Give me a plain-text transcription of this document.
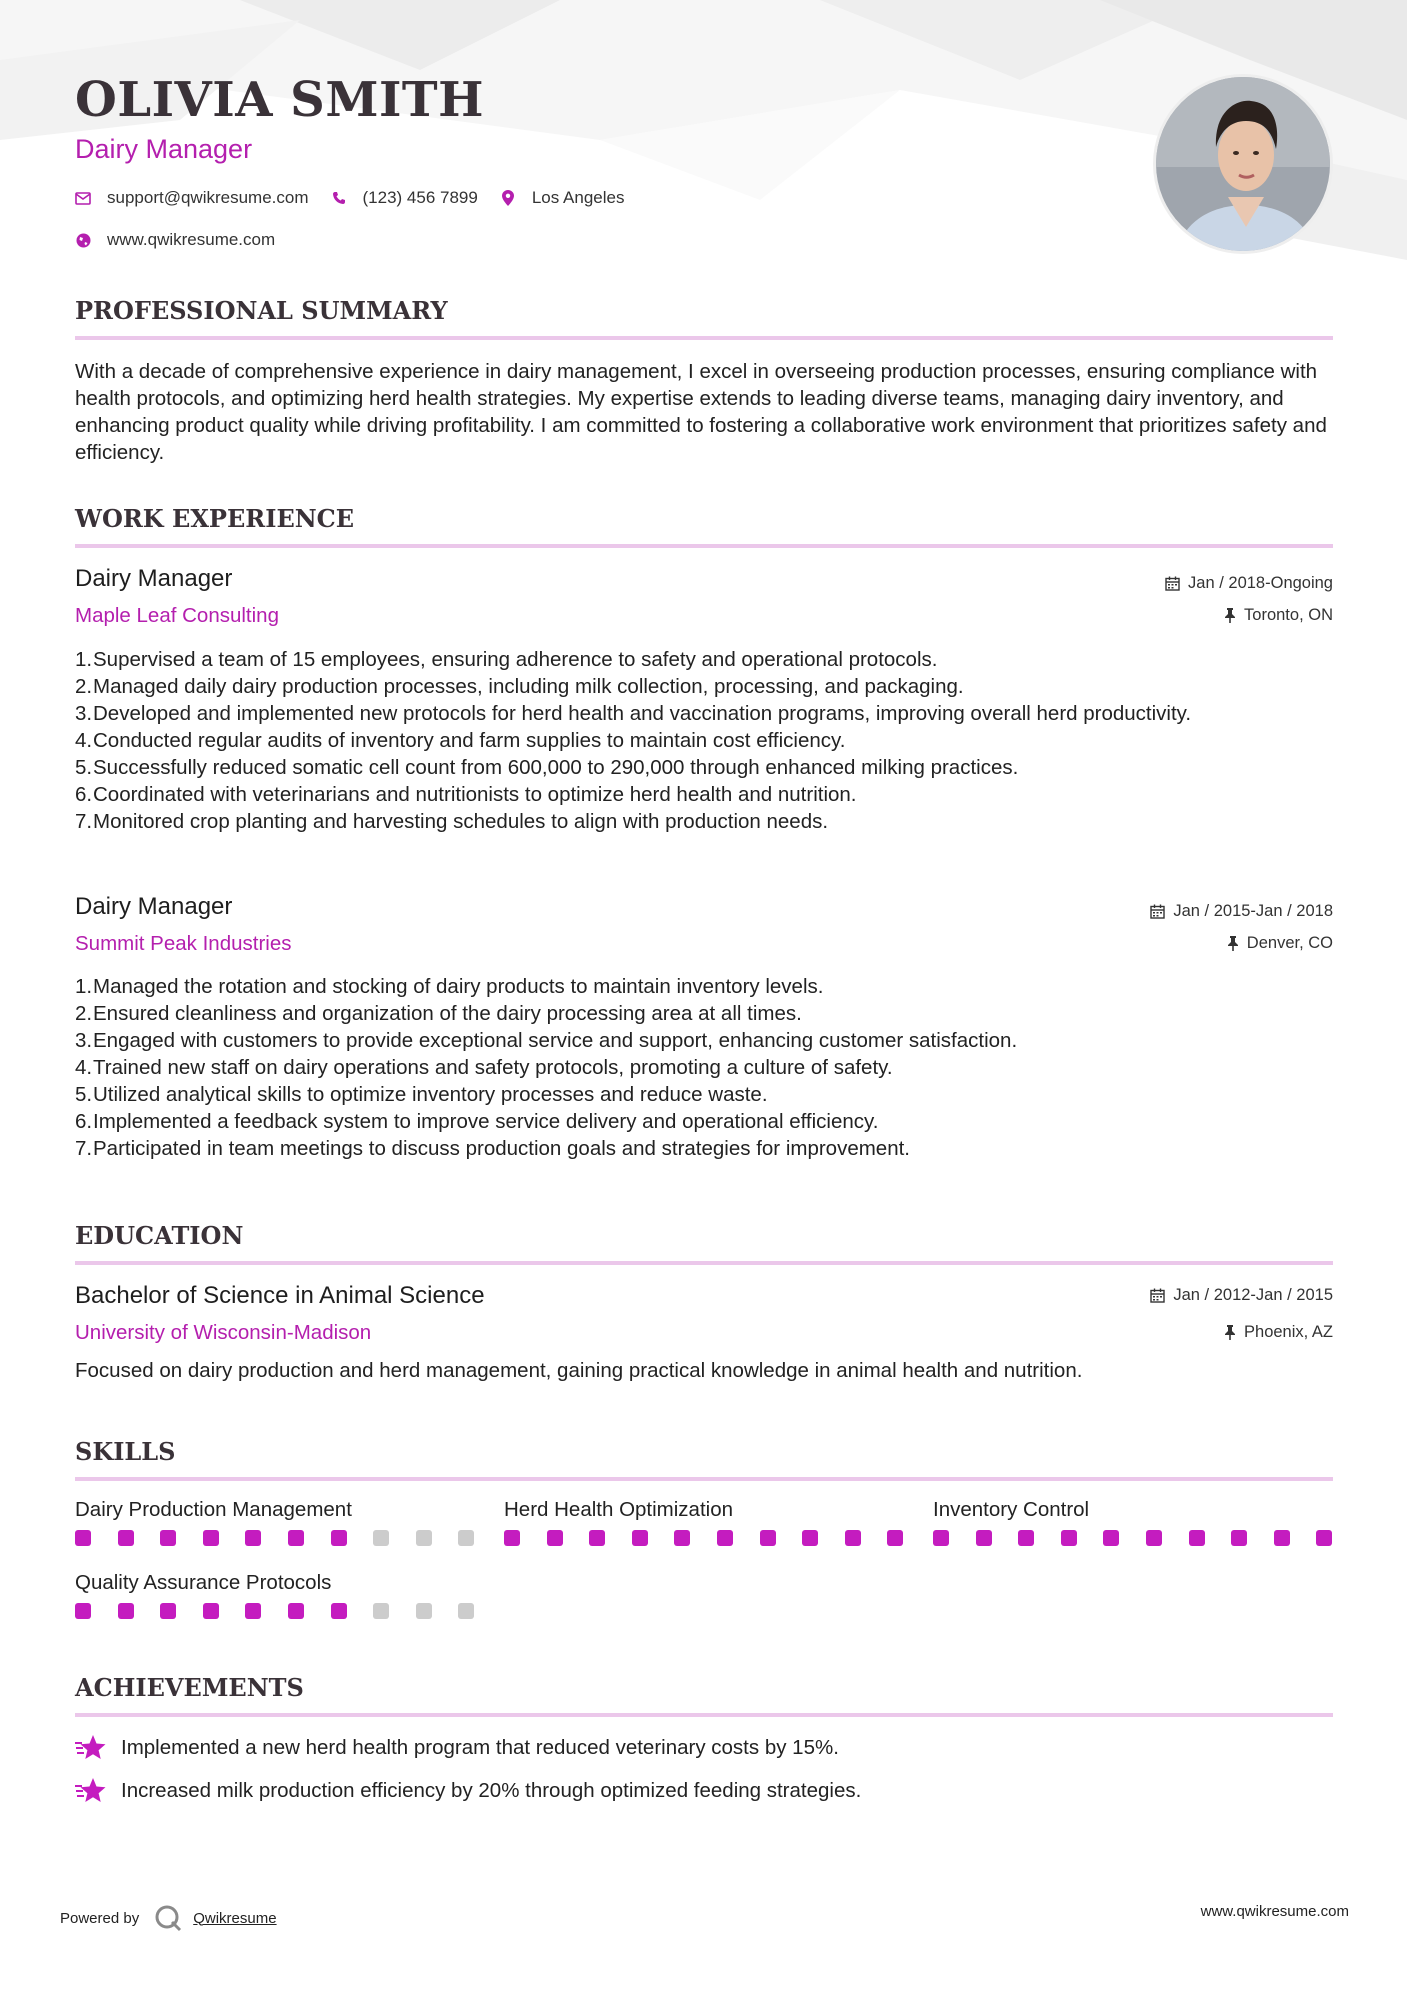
OLIVIA SMITH
Dairy Manager
support@qwikresume.com	(123) 456 7899	Los Angeles
www.qwikresume.com
PROFESSIONAL SUMMARY
With a decade of comprehensive experience in dairy management, I excel in overseeing production processes, ensuring compliance with health protocols, and optimizing herd health strategies. My expertise extends to leading diverse teams, managing dairy inventory, and enhancing product quality while driving profitability. I am committed to fostering a collaborative work environment that prioritizes safety and efficiency.
WORK EXPERIENCE
Dairy Manager	Jan / 2018-Ongoing
Maple Leaf Consulting	Toronto, ON
1. Supervised a team of 15 employees, ensuring adherence to safety and operational protocols.
2. Managed daily dairy production processes, including milk collection, processing, and packaging.
3. Developed and implemented new protocols for herd health and vaccination programs, improving overall herd productivity.
4. Conducted regular audits of inventory and farm supplies to maintain cost efficiency.
5. Successfully reduced somatic cell count from 600,000 to 290,000 through enhanced milking practices.
6. Coordinated with veterinarians and nutritionists to optimize herd health and nutrition.
7. Monitored crop planting and harvesting schedules to align with production needs.
Dairy Manager	Jan / 2015-Jan / 2018
Summit Peak Industries	Denver, CO
1. Managed the rotation and stocking of dairy products to maintain inventory levels.
2. Ensured cleanliness and organization of the dairy processing area at all times.
3. Engaged with customers to provide exceptional service and support, enhancing customer satisfaction.
4. Trained new staff on dairy operations and safety protocols, promoting a culture of safety.
5. Utilized analytical skills to optimize inventory processes and reduce waste.
6. Implemented a feedback system to improve service delivery and operational efficiency.
7. Participated in team meetings to discuss production goals and strategies for improvement.
EDUCATION
Bachelor of Science in Animal Science	Jan / 2012-Jan / 2015
University of Wisconsin-Madison	Phoenix, AZ
Focused on dairy production and herd management, gaining practical knowledge in animal health and nutrition.
SKILLS
Dairy Production Management	Herd Health Optimization	Inventory Control
Quality Assurance Protocols
ACHIEVEMENTS
Implemented a new herd health program that reduced veterinary costs by 15%.
Increased milk production efficiency by 20% through optimized feeding strategies.
Powered by	Qwikresume	www.qwikresume.com
